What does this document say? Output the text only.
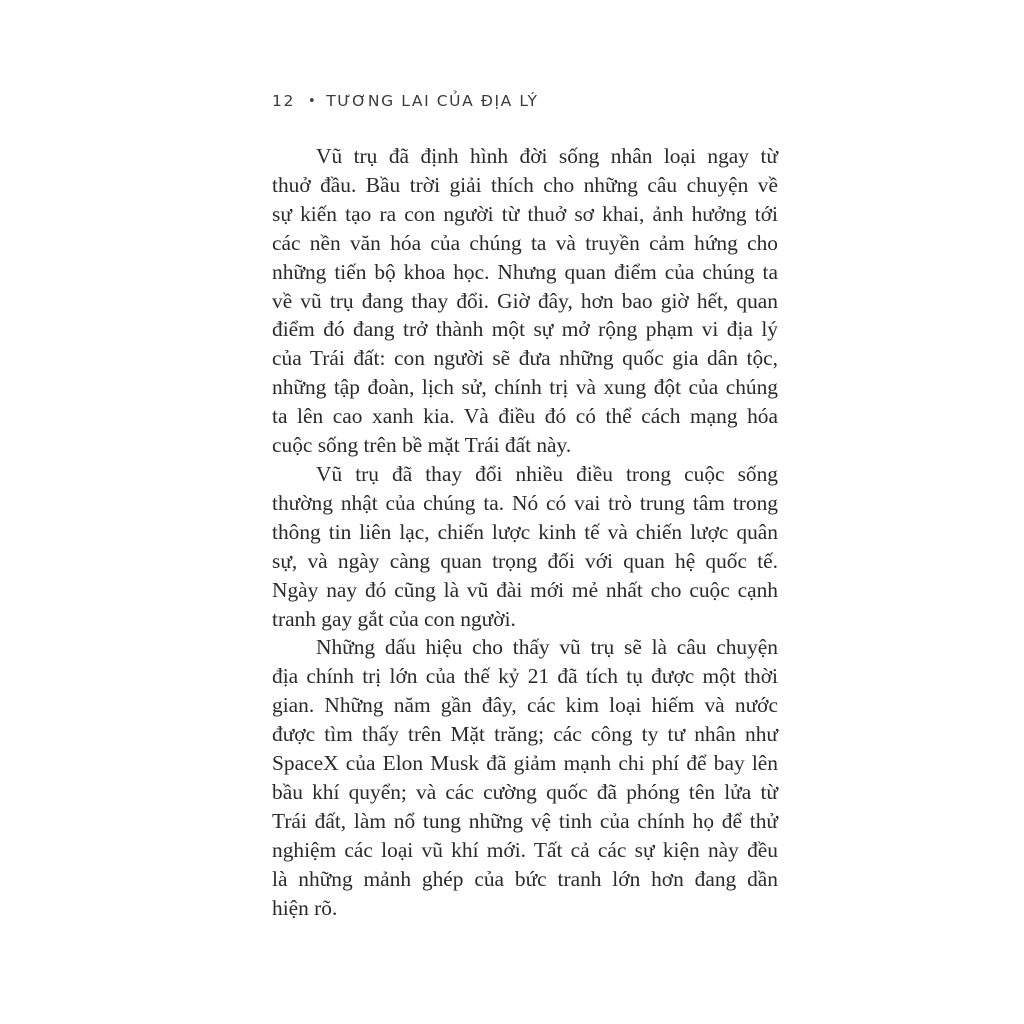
12 • TƯƠNG LAI CỦA ĐỊA LÝ

Vũ trụ đã định hình đời sống nhân loại ngay từ
thuở đầu. Bầu trời giải thích cho những câu chuyện về
sự kiến tạo ra con người từ thuở sơ khai, ảnh hưởng tới
các nền văn hóa của chúng ta và truyền cảm hứng cho
những tiến bộ khoa học. Nhưng quan điểm của chúng ta
về vũ trụ đang thay đổi. Giờ đây, hơn bao giờ hết, quan
điểm đó đang trở thành một sự mở rộng phạm vi địa lý
của Trái đất: con người sẽ đưa những quốc gia dân tộc,
những tập đoàn, lịch sử, chính trị và xung đột của chúng
ta lên cao xanh kia. Và điều đó có thể cách mạng hóa
cuộc sống trên bề mặt Trái đất này.

Vũ trụ đã thay đổi nhiều điều trong cuộc sống
thường nhật của chúng ta. Nó có vai trò trung tâm trong
thông tin liên lạc, chiến lược kinh tế và chiến lược quân
sự, và ngày càng quan trọng đối với quan hệ quốc tế.
Ngày nay đó cũng là vũ đài mới mẻ nhất cho cuộc cạnh
tranh gay gắt của con người.

Những dấu hiệu cho thấy vũ trụ sẽ là câu chuyện
địa chính trị lớn của thế kỷ 21 đã tích tụ được một thời
gian. Những năm gần đây, các kim loại hiếm và nước
được tìm thấy trên Mặt trăng; các công ty tư nhân như
SpaceX của Elon Musk đã giảm mạnh chi phí để bay lên
bầu khí quyển; và các cường quốc đã phóng tên lửa từ
Trái đất, làm nổ tung những vệ tinh của chính họ để thử
nghiệm các loại vũ khí mới. Tất cả các sự kiện này đều
là những mảnh ghép của bức tranh lớn hơn đang dần
hiện rõ.
